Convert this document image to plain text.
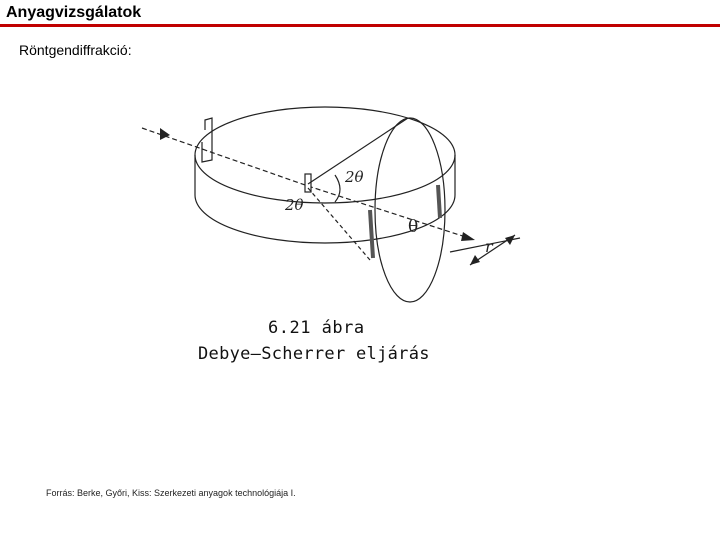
Anyagvizsgálatok
Röntgendiffrakció:
2θ
2θ
θ
r
6.21 ábra
Debye–Scherrer eljárás
Forrás: Berke, Győri, Kiss: Szerkezeti anyagok technológiája I.
